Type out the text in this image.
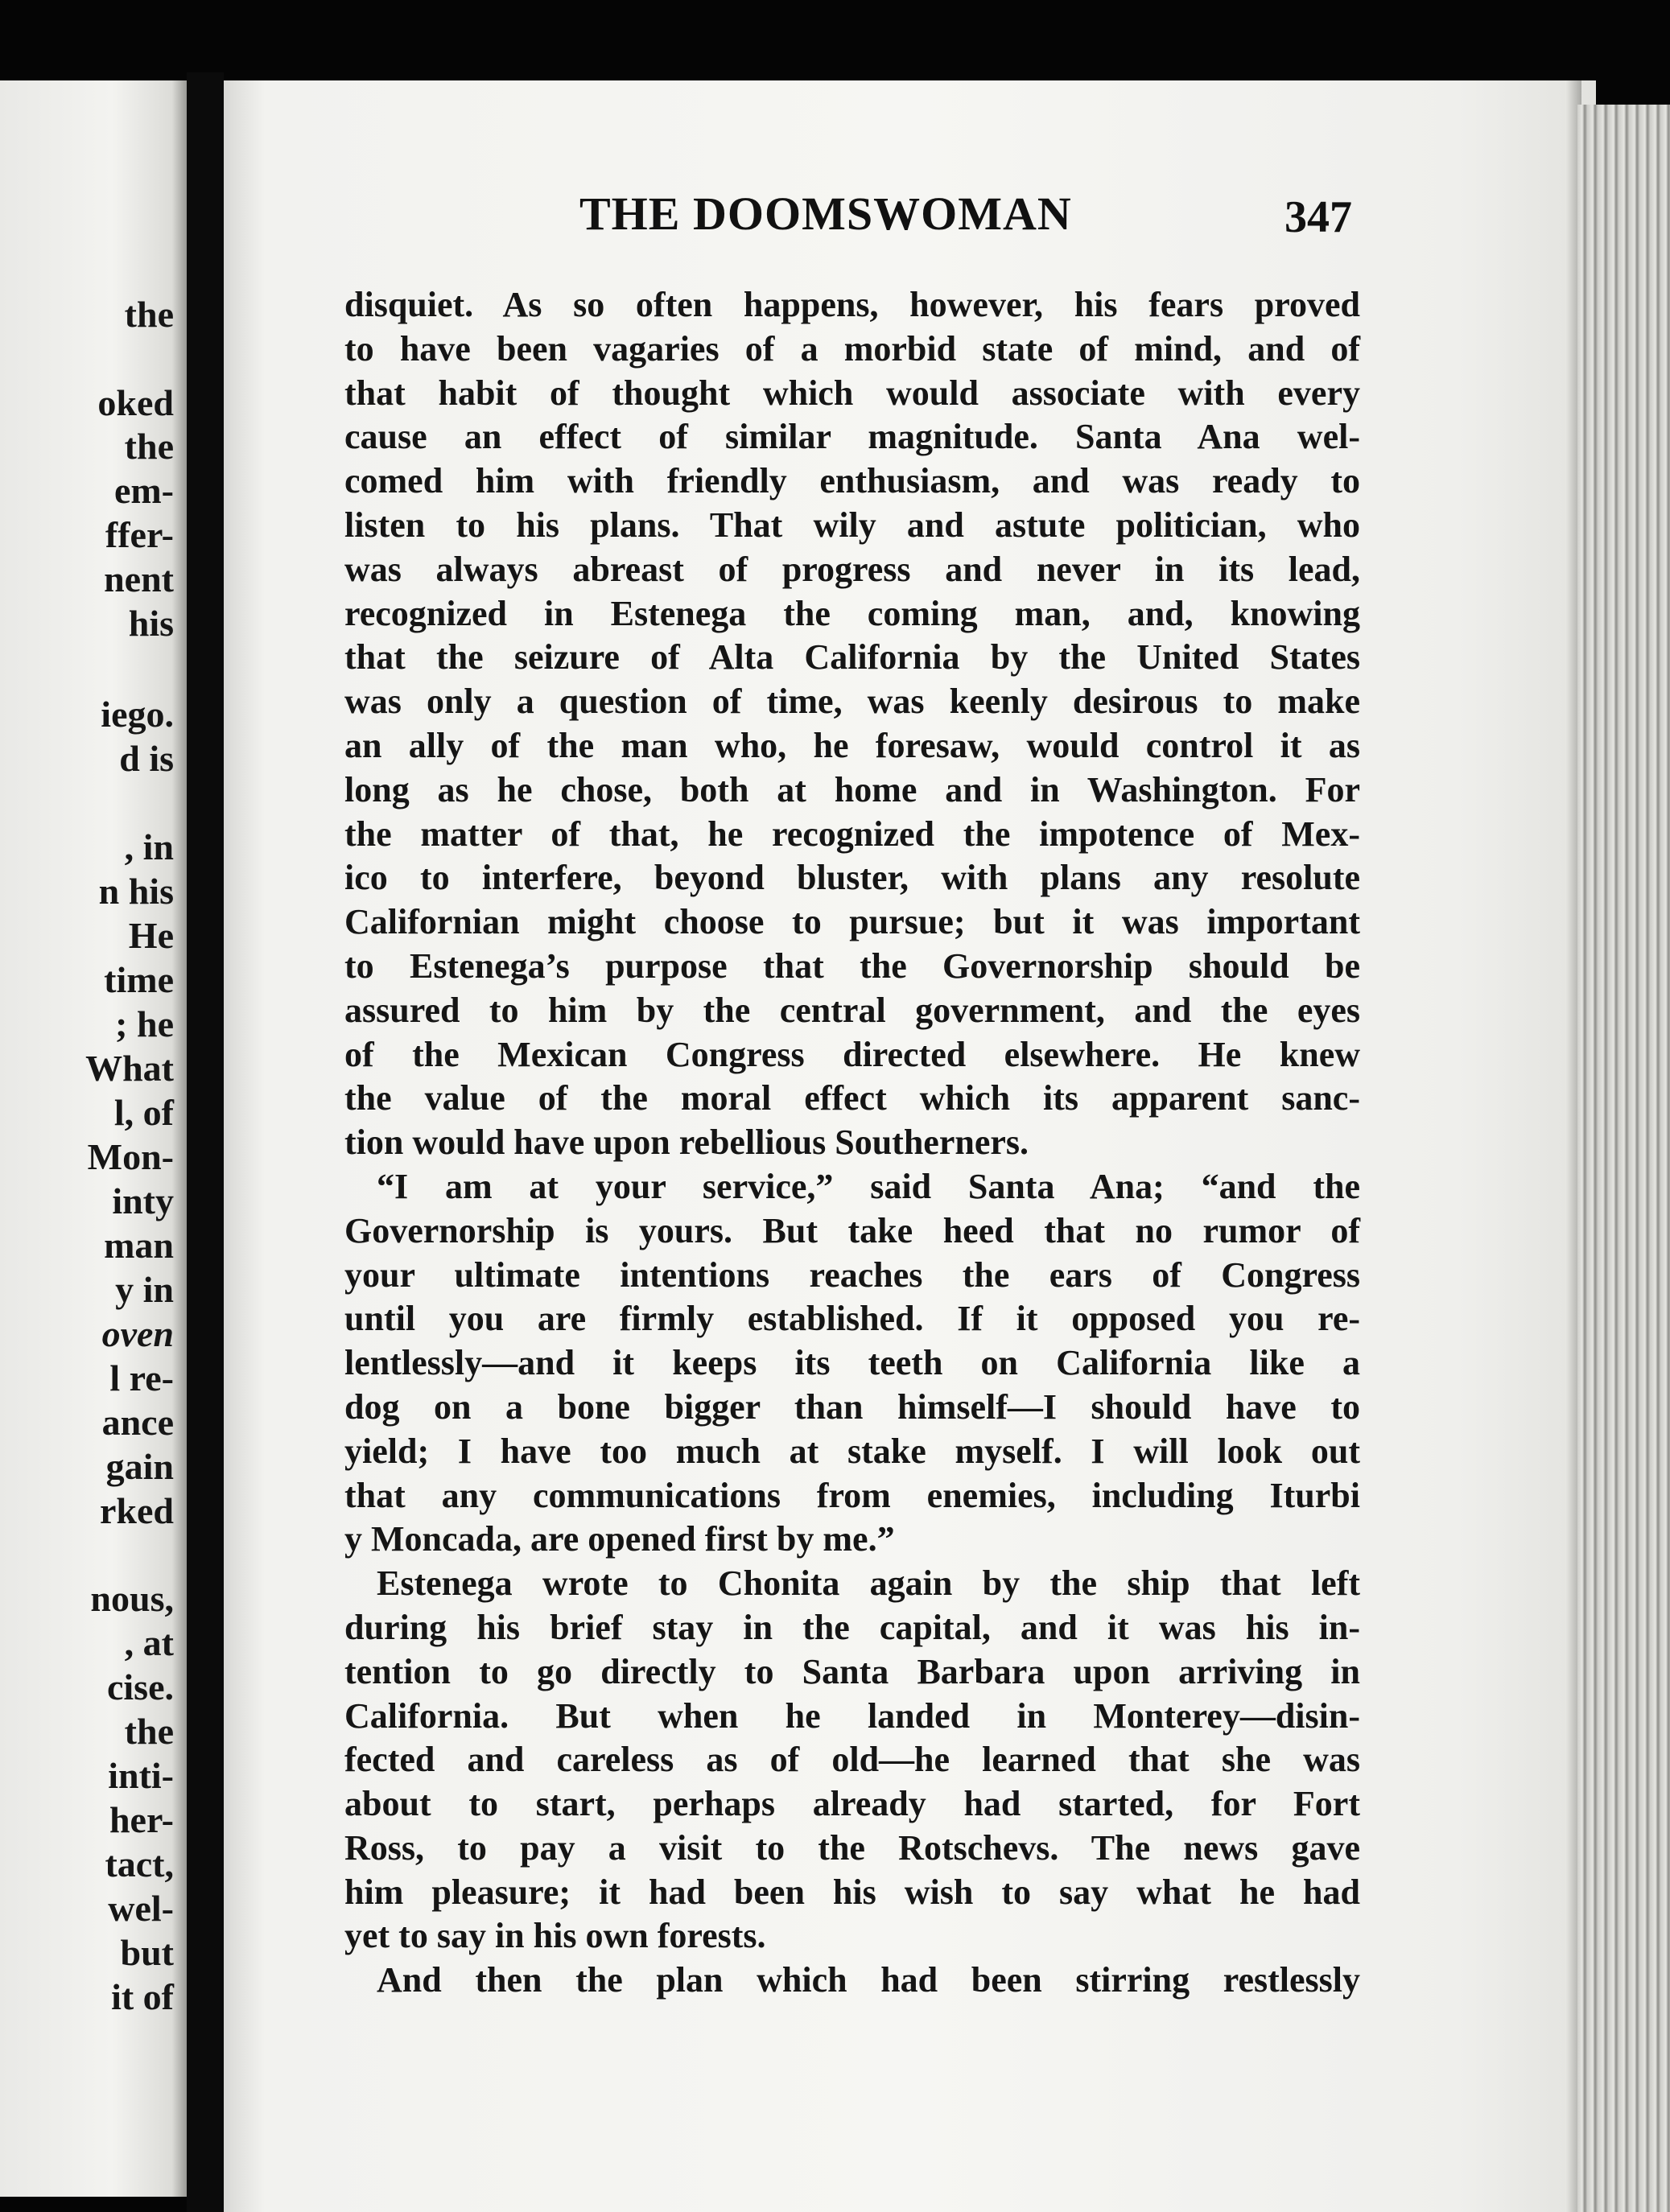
the
oked
the
em-
ffer-
nent
his
iego.
d is
, in
n his
He
time
; he
What
l, of
Mon-
inty
man
y in
oven
l re-
ance
gain
rked
nous,
, at
cise.
the
inti-
her-
tact,
wel-
but
it of
THE DOOMSWOMAN	347
disquiet. As so often happens, however, his fears proved
to have been vagaries of a morbid state of mind, and of
that habit of thought which would associate with every
cause an effect of similar magnitude. Santa Ana wel-
comed him with friendly enthusiasm, and was ready to
listen to his plans. That wily and astute politician, who
was always abreast of progress and never in its lead,
recognized in Estenega the coming man, and, knowing
that the seizure of Alta California by the United States
was only a question of time, was keenly desirous to make
an ally of the man who, he foresaw, would control it as
long as he chose, both at home and in Washington. For
the matter of that, he recognized the impotence of Mex-
ico to interfere, beyond bluster, with plans any resolute
Californian might choose to pursue; but it was important
to Estenega’s purpose that the Governorship should be
assured to him by the central government, and the eyes
of the Mexican Congress directed elsewhere. He knew
the value of the moral effect which its apparent sanc-
tion would have upon rebellious Southerners.
“I am at your service,” said Santa Ana; “and the
Governorship is yours. But take heed that no rumor of
your ultimate intentions reaches the ears of Congress
until you are firmly established. If it opposed you re-
lentlessly—and it keeps its teeth on California like a
dog on a bone bigger than himself—I should have to
yield; I have too much at stake myself. I will look out
that any communications from enemies, including Iturbi
y Moncada, are opened first by me.”
Estenega wrote to Chonita again by the ship that left
during his brief stay in the capital, and it was his in-
tention to go directly to Santa Barbara upon arriving in
California. But when he landed in Monterey—disin-
fected and careless as of old—he learned that she was
about to start, perhaps already had started, for Fort
Ross, to pay a visit to the Rotschevs. The news gave
him pleasure; it had been his wish to say what he had
yet to say in his own forests.
And then the plan which had been stirring restlessly
